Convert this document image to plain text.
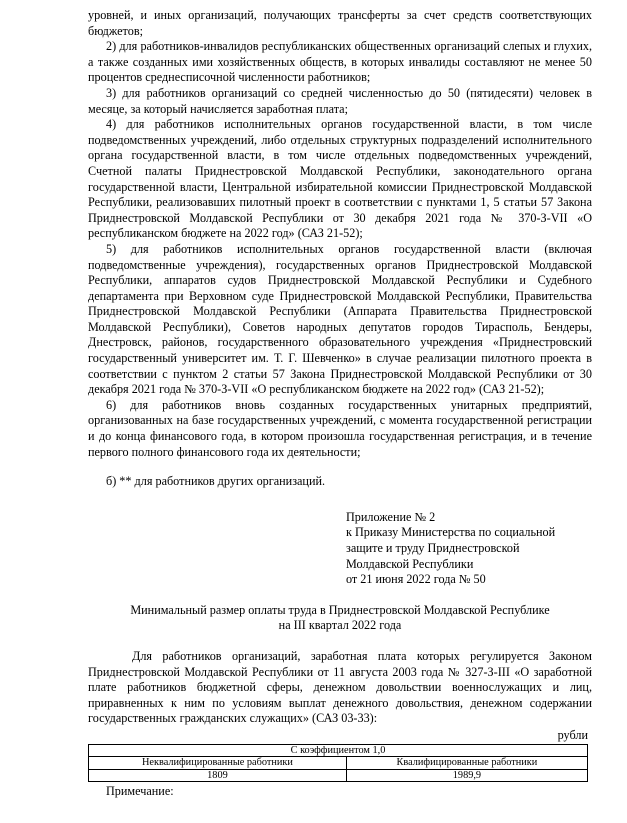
уровней, и иных организаций, получающих трансферты за счет средств соответствующих бюджетов;

2) для работников-инвалидов республиканских общественных организаций слепых и глухих, а также созданных ими хозяйственных обществ, в которых инвалиды составляют не менее 50 процентов среднесписочной численности работников;

3) для работников организаций со средней численностью до 50 (пятидесяти) человек в месяце, за который начисляется заработная плата;

4) для работников исполнительных органов государственной власти, в том числе подведомственных учреждений, либо отдельных структурных подразделений исполнительного органа государственной власти, в том числе отдельных подведомственных учреждений, Счетной палаты Приднестровской Молдавской Республики, законодательного органа государственной власти, Центральной избирательной комиссии Приднестровской Молдавской Республики, реализовавших пилотный проект в соответствии с пунктами 1, 5 статьи 57 Закона Приднестровской Молдавской Республики от 30 декабря 2021 года № 370-З-VII «О республиканском бюджете на 2022 год» (САЗ 21-52);

5) для работников исполнительных органов государственной власти (включая подведомственные учреждения), государственных органов Приднестровской Молдавской Республики, аппаратов судов Приднестровской Молдавской Республики и Судебного департамента при Верховном суде Приднестровской Молдавской Республики, Правительства Приднестровской Молдавской Республики (Аппарата Правительства Приднестровской Молдавской Республики), Советов народных депутатов городов Тирасполь, Бендеры, Днестровск, районов, государственного образовательного учреждения «Приднестровский государственный университет им. Т. Г. Шевченко» в случае реализации пилотного проекта в соответствии с пунктом 2 статьи 57 Закона Приднестровской Молдавской Республики от 30 декабря 2021 года № 370-З-VII «О республиканском бюджете на 2022 год» (САЗ 21-52);

6) для работников вновь созданных государственных унитарных предприятий, организованных на базе государственных учреждений, с момента государственной регистрации и до конца финансового года, в котором произошла государственная регистрация, и в течение первого полного финансового года их деятельности;

б) ** для работников других организаций.

Приложение № 2
к Приказу Министерства по социальной
защите и труду Приднестровской
Молдавской Республики
от 21 июня 2022 года № 50
Минимальный размер оплаты труда в Приднестровской Молдавской Республике
на III квартал 2022 года

Для работников организаций, заработная плата которых регулируется Законом Приднестровской Молдавской Республики от 11 августа 2003 года № 327-З-III «О заработной плате работников бюджетной сферы, денежном довольствии военнослужащих и лиц, приравненных к ним по условиям выплат денежного довольствия, денежном содержании государственных гражданских служащих» (САЗ 03-33):

рубли
С коэффициентом 1,0	
Неквалифицированные работники	Квалифицированные работники
1809	1989,9

Примечание:
